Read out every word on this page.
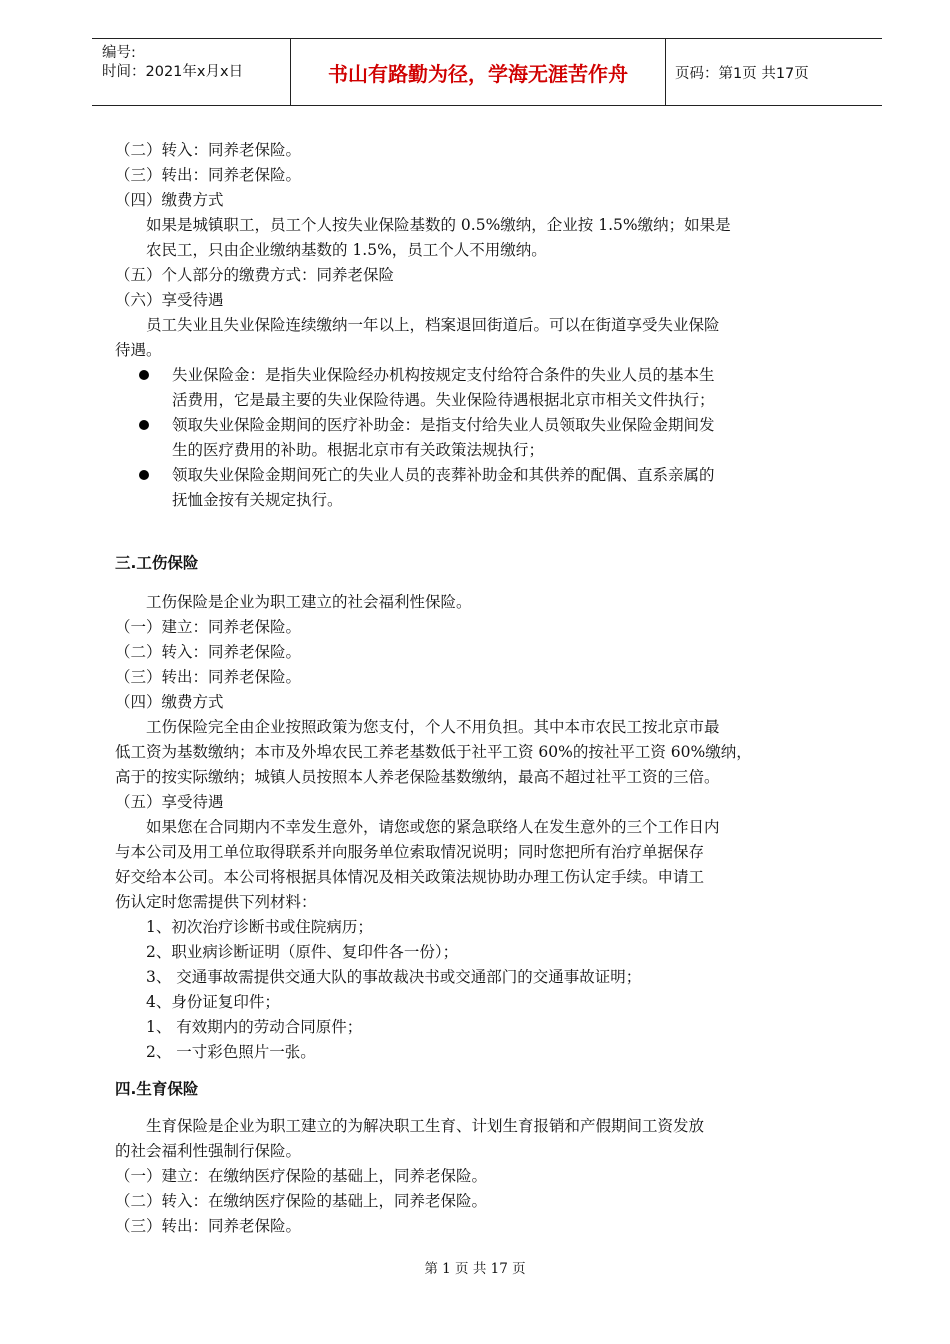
编号:
时间：2021年x月x日	书山有路勤为径，学海无涯苦作舟	页码：第1页 共17页

（二）转入：同养老保险。

（三）转出：同养老保险。

（四）缴费方式

如果是城镇职工，员工个人按失业保险基数的 0.5%缴纳，企业按 1.5%缴纳；如果是

农民工，只由企业缴纳基数的 1.5%，员工个人不用缴纳。

（五）个人部分的缴费方式：同养老保险

（六）享受待遇

员工失业且失业保险连续缴纳一年以上，档案退回街道后。可以在街道享受失业保险

待遇。

失业保险金：是指失业保险经办机构按规定支付给符合条件的失业人员的基本生

活费用，它是最主要的失业保险待遇。失业保险待遇根据北京市相关文件执行；

领取失业保险金期间的医疗补助金：是指支付给失业人员领取失业保险金期间发

生的医疗费用的补助。根据北京市有关政策法规执行；

领取失业保险金期间死亡的失业人员的丧葬补助金和其供养的配偶、直系亲属的

抚恤金按有关规定执行。

三.工伤保险

工伤保险是企业为职工建立的社会福利性保险。

（一）建立：同养老保险。

（二）转入：同养老保险。

（三）转出：同养老保险。

（四）缴费方式

工伤保险完全由企业按照政策为您支付，个人不用负担。其中本市农民工按北京市最

低工资为基数缴纳；本市及外埠农民工养老基数低于社平工资 60%的按社平工资 60%缴纳，

高于的按实际缴纳；城镇人员按照本人养老保险基数缴纳，最高不超过社平工资的三倍。

（五）享受待遇

如果您在合同期内不幸发生意外，请您或您的紧急联络人在发生意外的三个工作日内

与本公司及用工单位取得联系并向服务单位索取情况说明；同时您把所有治疗单据保存

好交给本公司。本公司将根据具体情况及相关政策法规协助办理工伤认定手续。申请工

伤认定时您需提供下列材料：

1、初次治疗诊断书或住院病历；

2、职业病诊断证明（原件、复印件各一份）；

3、 交通事故需提供交通大队的事故裁决书或交通部门的交通事故证明；

4、身份证复印件；

1、 有效期内的劳动合同原件；

2、 一寸彩色照片一张。

四.生育保险

生育保险是企业为职工建立的为解决职工生育、计划生育报销和产假期间工资发放

的社会福利性强制行保险。

（一）建立：在缴纳医疗保险的基础上，同养老保险。

（二）转入：在缴纳医疗保险的基础上，同养老保险。

（三）转出：同养老保险。

第 1 页 共 17 页
